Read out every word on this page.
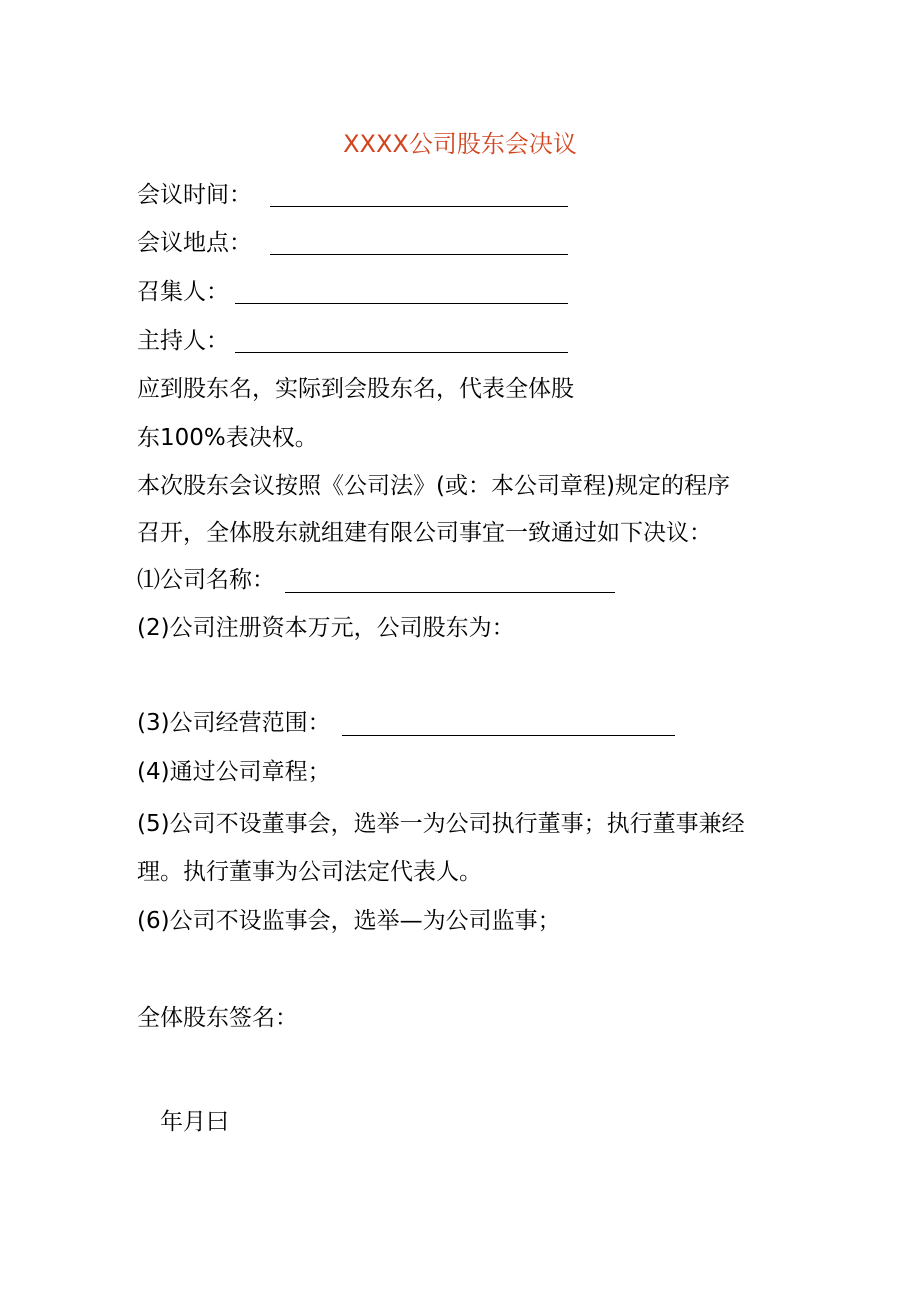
XXXX公司股东会决议
会议时间：
会议地点：
召集人：
主持人：
应到股东名，实际到会股东名，代表全体股
东100%表决权。
本次股东会议按照《公司法》(或：本公司章程)规定的程序
召开，全体股东就组建有限公司事宜一致通过如下决议：
⑴公司名称：
(2)公司注册资本万元，公司股东为：
(3)公司经营范围：
(4)通过公司章程；
(5)公司不设董事会，选举一为公司执行董事；执行董事兼经
理。执行董事为公司法定代表人。
(6)公司不设监事会，选举—为公司监事；
全体股东签名：
年月曰
